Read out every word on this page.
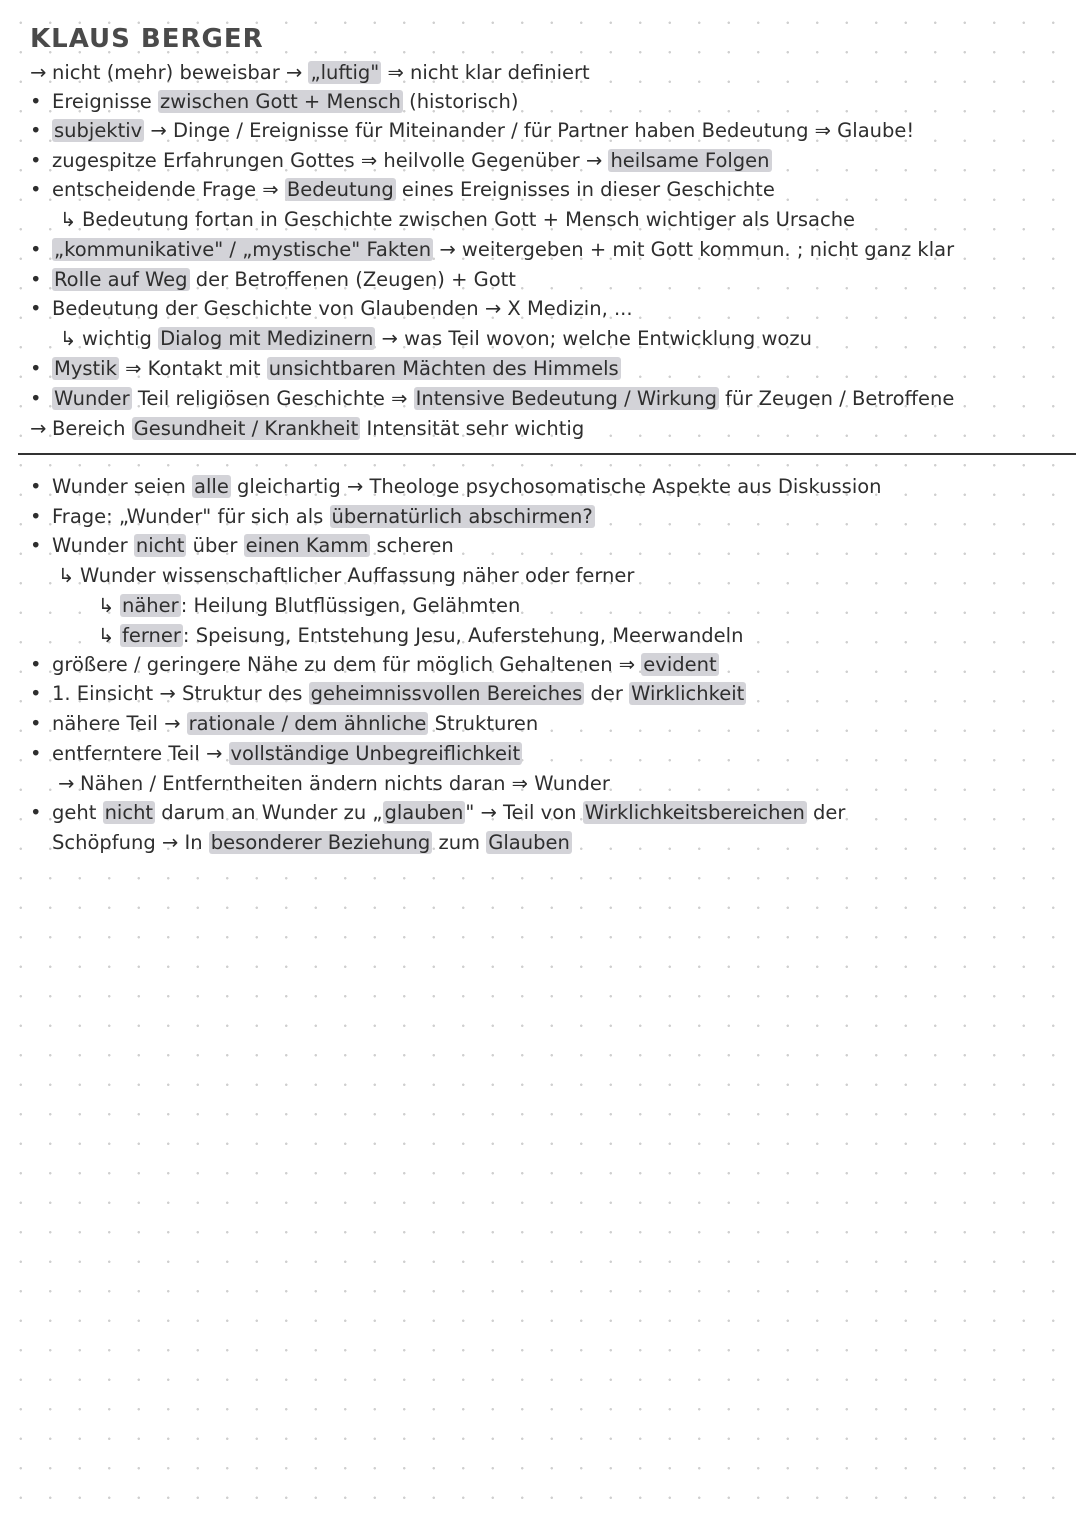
KLAUS BERGER
→ nicht (mehr) beweisbar → „luftig" ⇒ nicht klar definiert
• Ereignisse zwischen Gott + Mensch (historisch)
• subjektiv → Dinge / Ereignisse für Miteinander / für Partner haben Bedeutung ⇒ Glaube!
• zugespitze Erfahrungen Gottes ⇒ heilvolle Gegenüber → heilsame Folgen
• entscheidende Frage ⇒ Bedeutung eines Ereignisses in dieser Geschichte
↳ Bedeutung fortan in Geschichte zwischen Gott + Mensch wichtiger als Ursache
• „kommunikative" / „mystische" Fakten → weitergeben + mit Gott kommun. ; nicht ganz klar
• Rolle auf Weg der Betroffenen (Zeugen) + Gott
• Bedeutung der Geschichte von Glaubenden → X Medizin, ...
↳ wichtig Dialog mit Medizinern → was Teil wovon; welche Entwicklung wozu
• Mystik ⇒ Kontakt mit unsichtbaren Mächten des Himmels
• Wunder Teil religiösen Geschichte ⇒ Intensive Bedeutung / Wirkung für Zeugen / Betroffene
→ Bereich Gesundheit / Krankheit Intensität sehr wichtig
• Wunder seien alle gleichartig → Theologe psychosomatische Aspekte aus Diskussion
• Frage: „Wunder" für sich als übernatürlich abschirmen?
• Wunder nicht über einen Kamm scheren
↳ Wunder wissenschaftlicher Auffassung näher oder ferner
↳ näher : Heilung Blutflüssigen, Gelähmten
↳ ferner : Speisung, Entstehung Jesu, Auferstehung, Meerwandeln
• größere / geringere Nähe zu dem für möglich Gehaltenen ⇒ evident
• 1. Einsicht → Struktur des geheimnissvollen Bereiches der Wirklichkeit
• nähere Teil → rationale / dem ähnliche Strukturen
• entferntere Teil → vollständige Unbegreiflichkeit
→ Nähen / Entferntheiten ändern nichts daran ⇒ Wunder
• geht nicht darum an Wunder zu „ glauben " → Teil von Wirklichkeitsbereichen der
Schöpfung → In besonderer Beziehung zum Glauben
